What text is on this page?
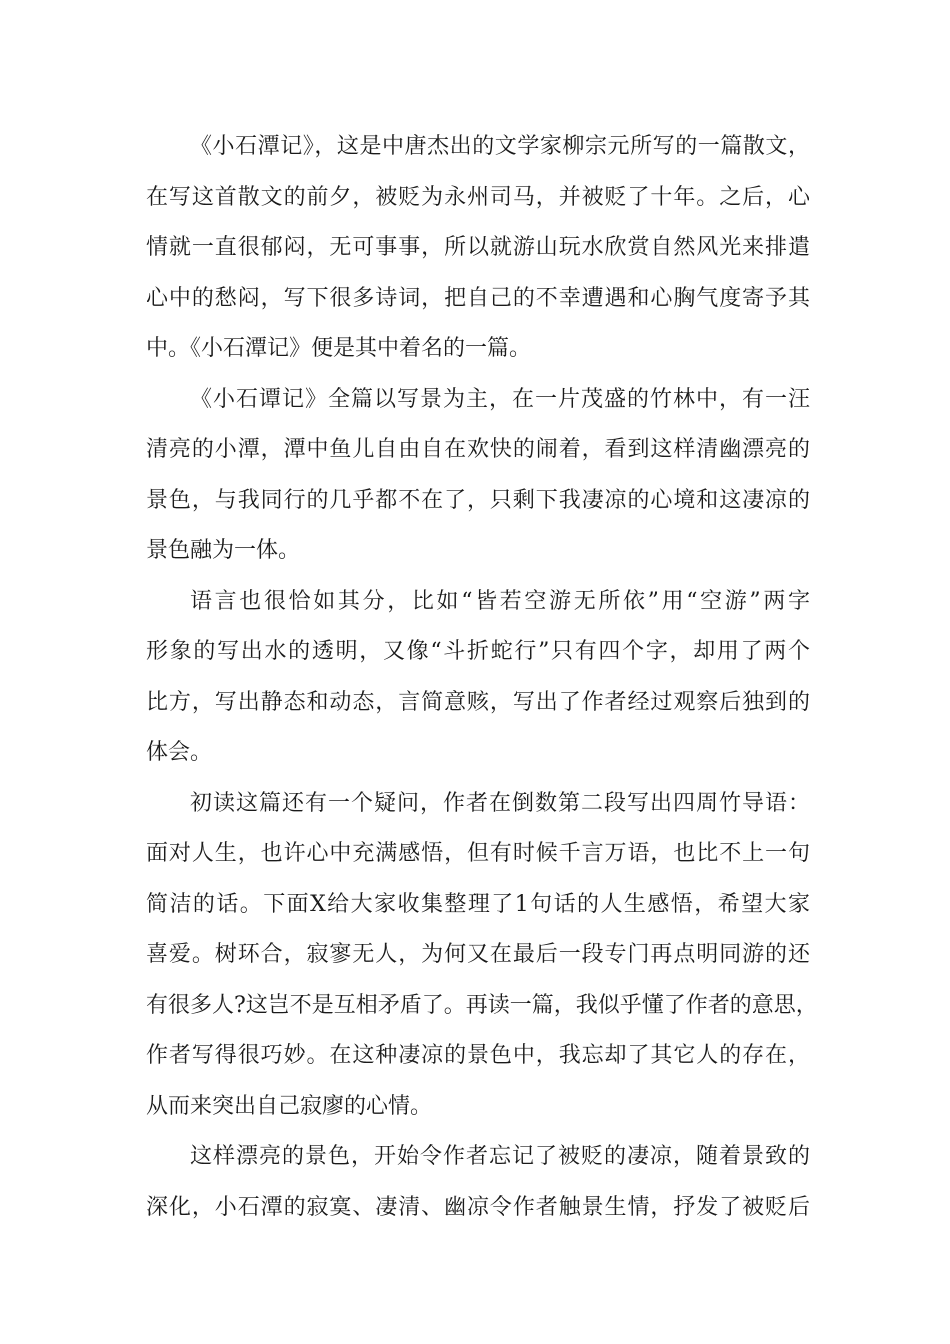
《小石潭记》，这是中唐杰出的文学家柳宗元所写的一篇散文，
在写这首散文的前夕，被贬为永州司马，并被贬了十年。之后，心
情就一直很郁闷，无可事事，所以就游山玩水欣赏自然风光来排遣
心中的愁闷，写下很多诗词，把自己的不幸遭遇和心胸气度寄予其
中。《小石潭记》便是其中着名的一篇。
《小石谭记》全篇以写景为主，在一片茂盛的竹林中，有一汪
清亮的小潭，潭中鱼儿自由自在欢快的闹着，看到这样清幽漂亮的
景色，与我同行的几乎都不在了，只剩下我凄凉的心境和这凄凉的
景色融为一体。
语言也很恰如其分，比如“皆若空游无所依”用“空游”两字
形象的写出水的透明，又像“斗折蛇行”只有四个字，却用了两个
比方，写出静态和动态，言简意赅，写出了作者经过观察后独到的
体会。
初读这篇还有一个疑问，作者在倒数第二段写出四周竹导语：
面对人生，也许心中充满感悟，但有时候千言万语，也比不上一句
简洁的话。下面X给大家收集整理了1句话的人生感悟，希望大家
喜爱。树环合，寂寥无人，为何又在最后一段专门再点明同游的还
有很多人?这岂不是互相矛盾了。再读一篇，我似乎懂了作者的意思，
作者写得很巧妙。在这种凄凉的景色中，我忘却了其它人的存在，
从而来突出自己寂廖的心情。
这样漂亮的景色，开始令作者忘记了被贬的凄凉，随着景致的
深化，小石潭的寂寞、凄清、幽凉令作者触景生情，抒发了被贬后
